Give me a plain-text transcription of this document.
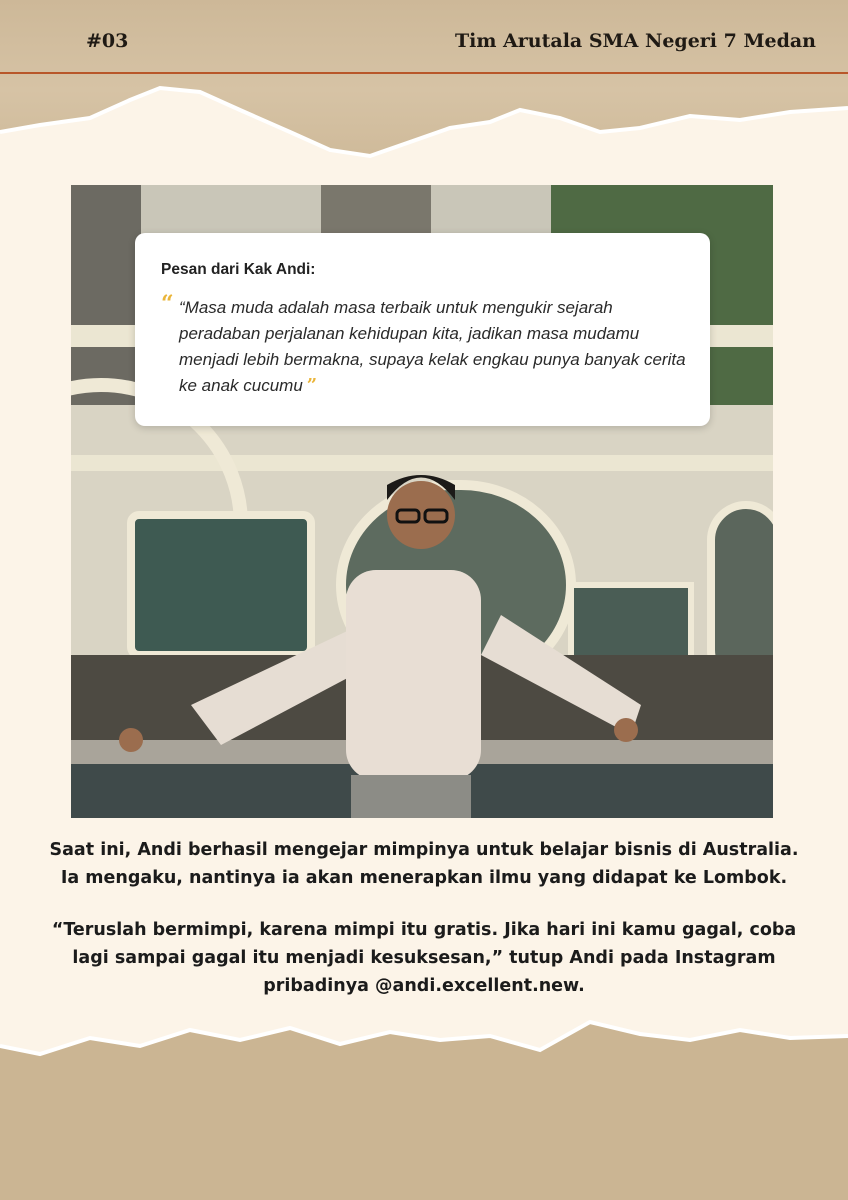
#03	Tim Arutala SMA Negeri 7 Medan
Pesan dari Kak Andi:
“ “Masa muda adalah masa terbaik untuk mengukir sejarah peradaban perjalanan kehidupan kita, jadikan masa mudamu menjadi lebih bermakna, supaya kelak engkau punya banyak cerita ke anak cucumu ”
Saat ini, Andi berhasil mengejar mimpinya untuk belajar bisnis di Australia. Ia mengaku, nantinya ia akan menerapkan ilmu yang didapat ke Lombok.
“Teruslah bermimpi, karena mimpi itu gratis. Jika hari ini kamu gagal, coba lagi sampai gagal itu menjadi kesuksesan,” tutup Andi pada Instagram pribadinya @andi.excellent.new.
